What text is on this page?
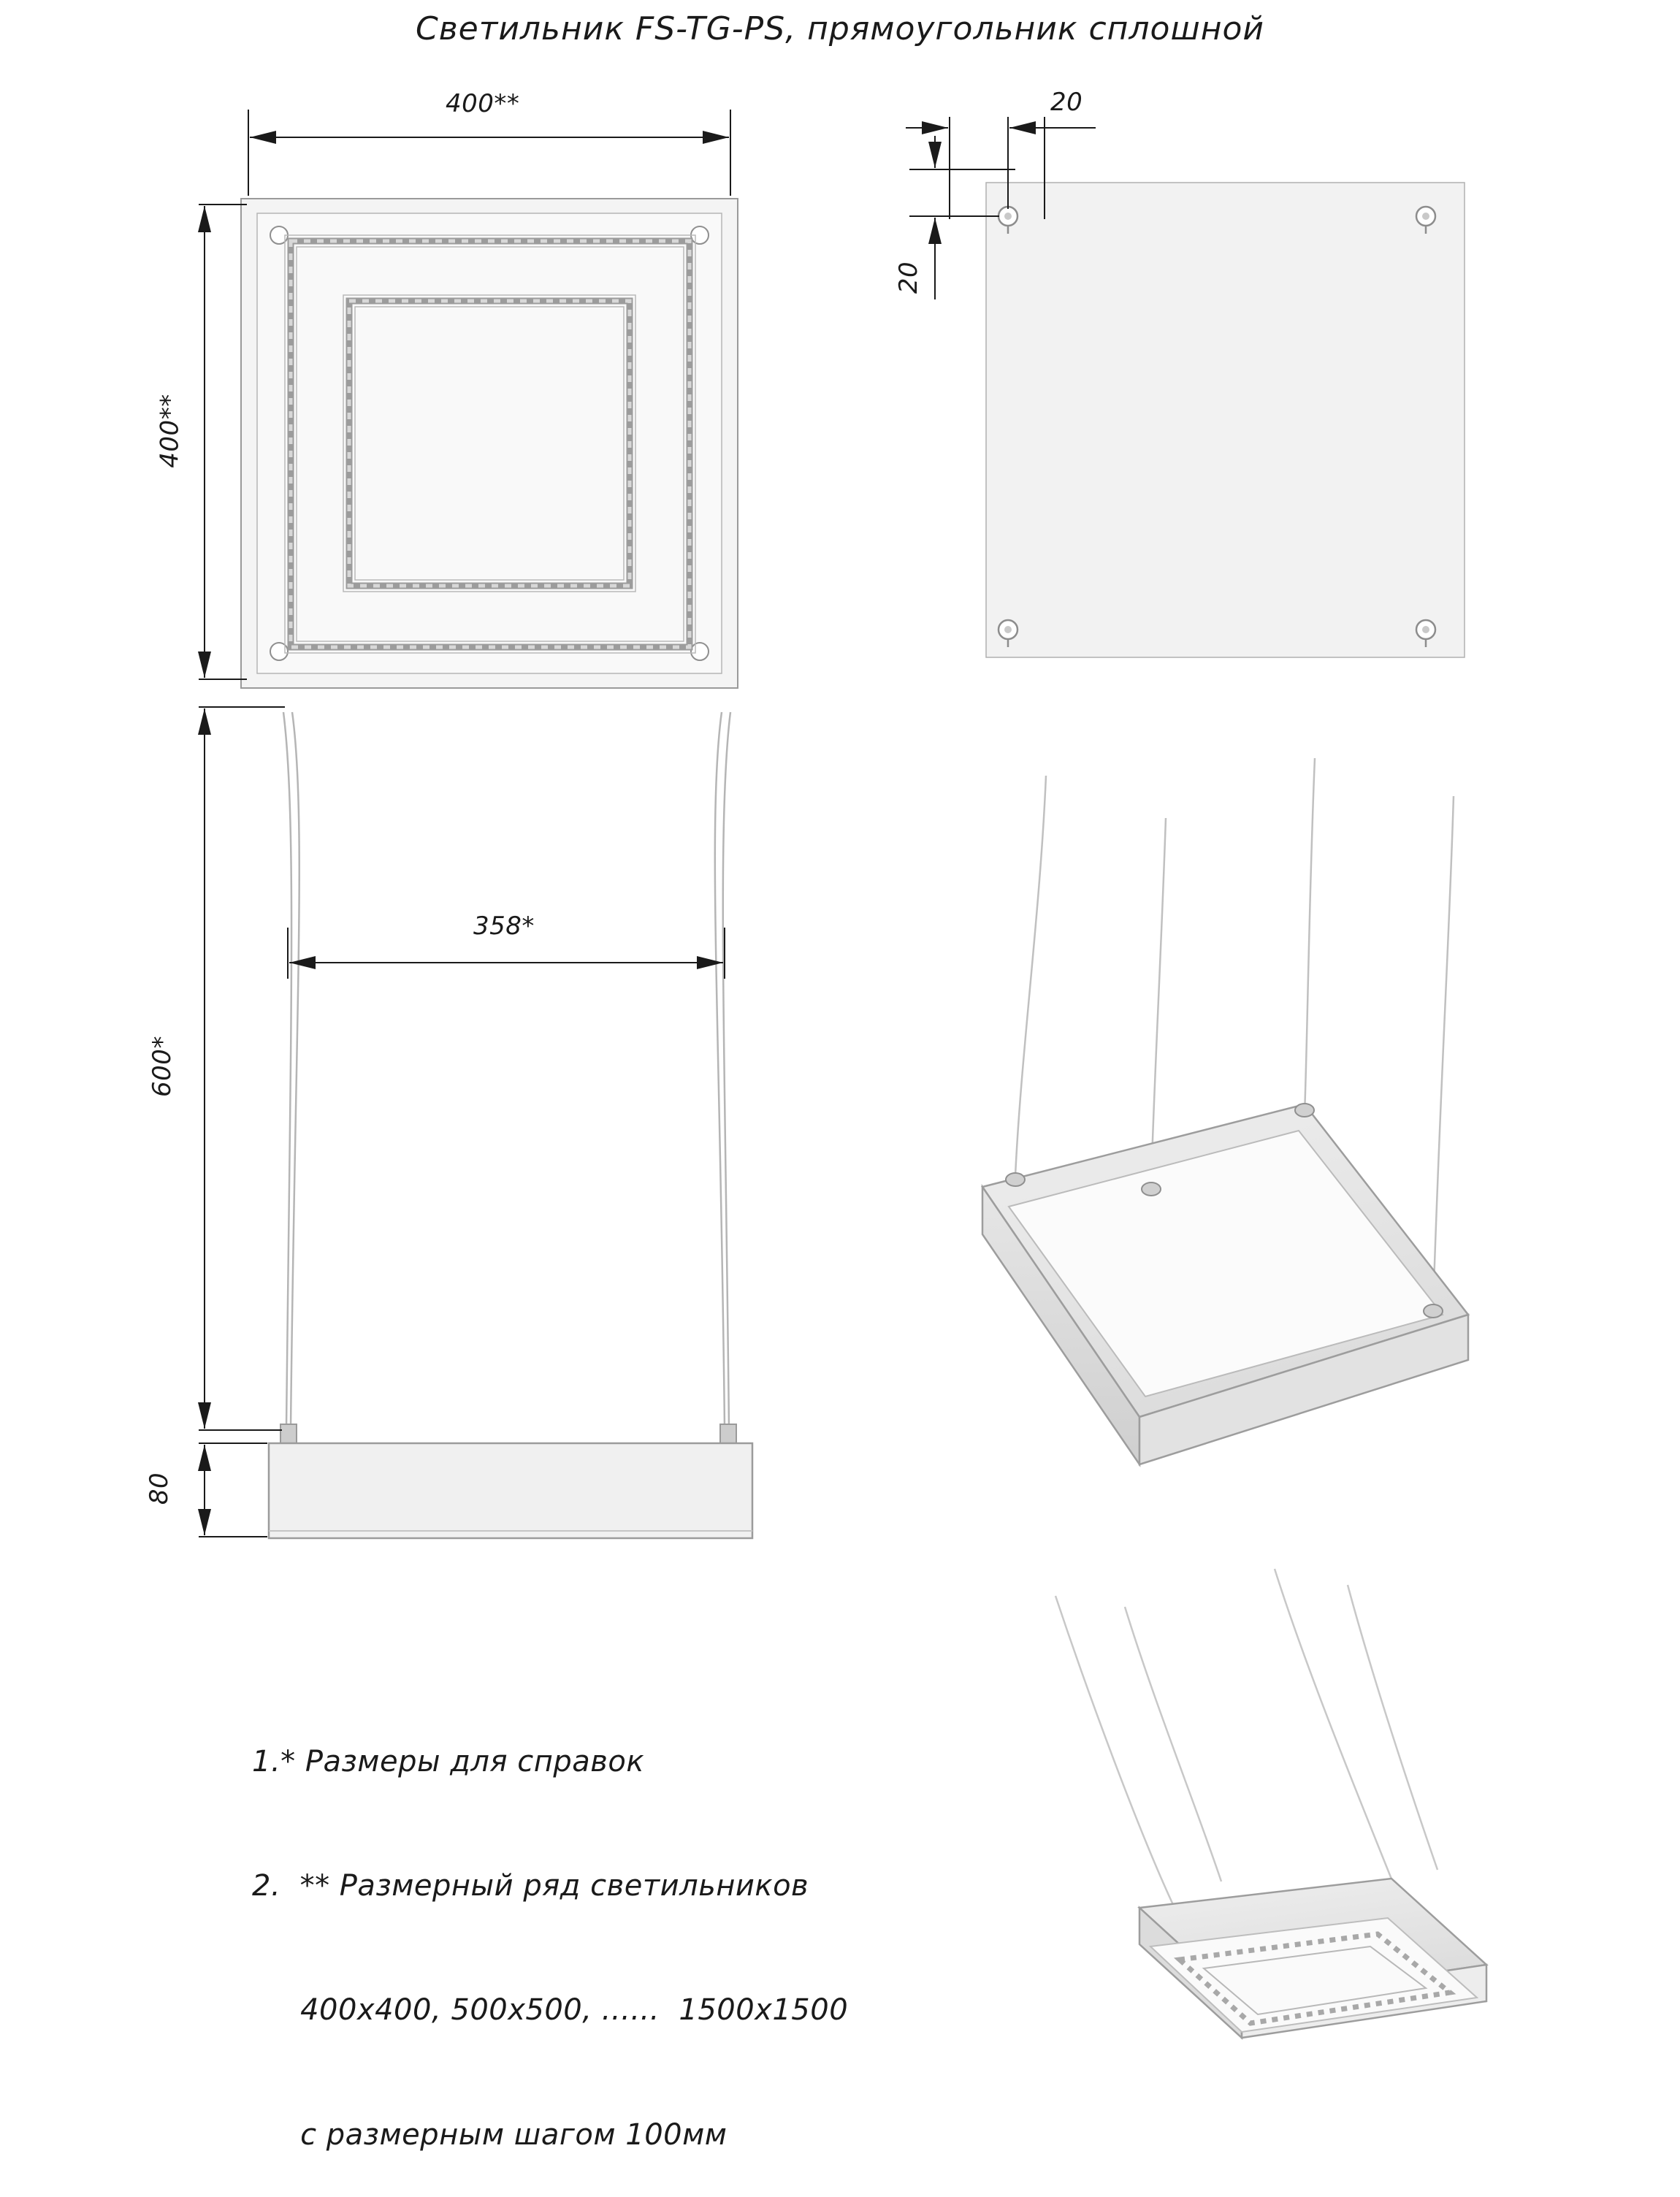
Светильник FS-TG-PS, прямоугольник сплошной
400**
400**
20
20
358*
600*
80

1.* Размеры для справок

2.  ** Размерный ряд светильников

400x400, 500x500, ......  1500x1500

с размерным шагом 100мм
